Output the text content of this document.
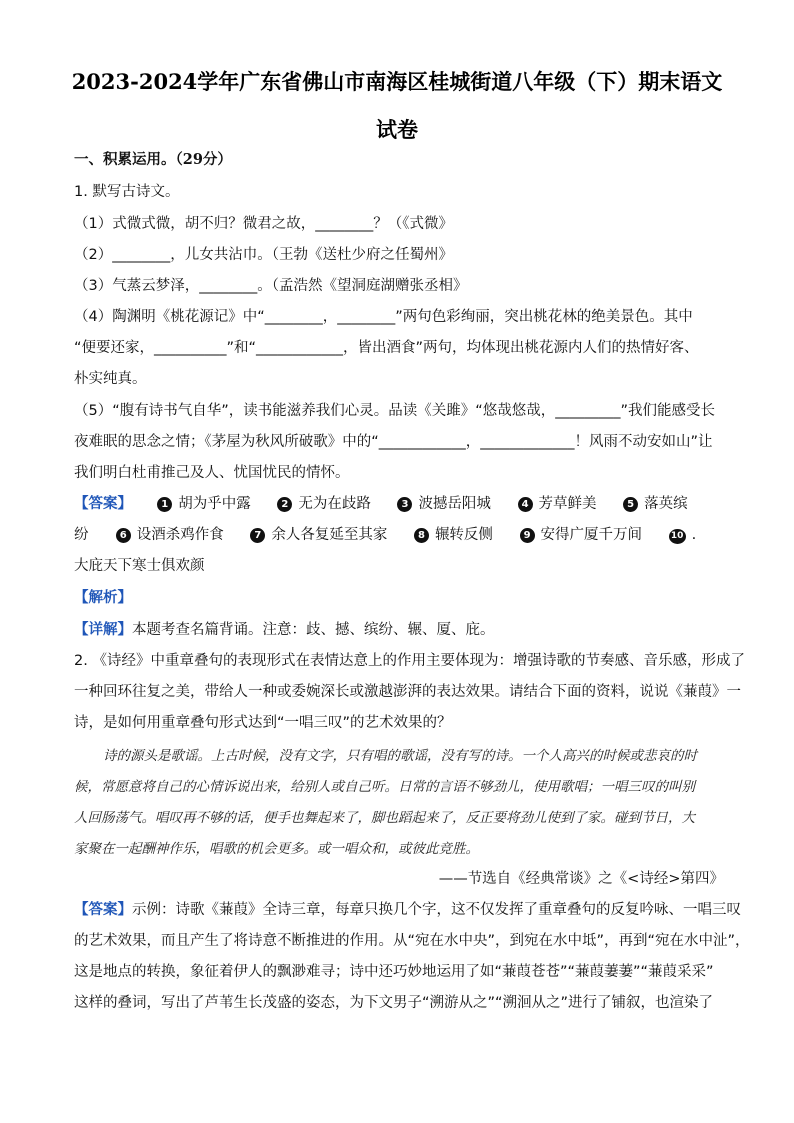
2023-2024学年广东省佛山市南海区桂城街道八年级（下）期末语文
试卷
一、积累运用。（29分）
1. 默写古诗文。
（1）式微式微，胡不归？微君之故，________？（《式微》
（2）________，儿女共沾巾。（王勃《送杜少府之任蜀州》
（3）气蒸云梦泽，________。（孟浩然《望洞庭湖赠张丞相》
（4）陶渊明《桃花源记》中“________，________”两句色彩绚丽，突出桃花林的绝美景色。其中
“便要还家，__________”和“____________，皆出酒食”两句，均体现出桃花源内人们的热情好客、
朴实纯真。
（5）“腹有诗书气自华”，读书能滋养我们心灵。品读《关雎》“悠哉悠哉，_________”我们能感受长
夜难眠的思念之情；《茅屋为秋风所破歌》中的“____________，_____________！风雨不动安如山”让
我们明白杜甫推己及人、忧国忧民的情怀。
【答案】	1 胡为乎中露	2 无为在歧路	3 波撼岳阳城	4 芳草鲜美	5 落英缤
纷	6 设酒杀鸡作食	7 余人各复延至其家	8 辗转反侧	9 安得广厦千万间	10 .
大庇天下寒士俱欢颜
【解析】
【详解】本题考查名篇背诵。注意：歧、撼、缤纷、辗、厦、庇。
2. 《诗经》中重章叠句的表现形式在表情达意上的作用主要体现为：增强诗歌的节奏感、音乐感，形成了
一种回环往复之美，带给人一种或委婉深长或激越澎湃的表达效果。请结合下面的资料，说说《蒹葭》一
诗，是如何用重章叠句形式达到“一唱三叹”的艺术效果的？
诗的源头是歌谣。上古时候，没有文字，只有唱的歌谣，没有写的诗。一个人高兴的时候或悲哀的时
候，常愿意将自己的心情诉说出来，给别人或自己听。日常的言语不够劲儿，使用歌唱；一唱三叹的叫别
人回肠荡气。唱叹再不够的话，便手也舞起来了，脚也蹈起来了，反正要将劲儿使到了家。碰到节日，大
家聚在一起酬神作乐，唱歌的机会更多。或一唱众和，或彼此竞胜。
——节选自《经典常谈》之《<诗经>第四》
【答案】示例：诗歌《蒹葭》全诗三章，每章只换几个字，这不仅发挥了重章叠句的反复吟咏、一唱三叹
的艺术效果，而且产生了将诗意不断推进的作用。从“宛在水中央”，到宛在水中坻”，再到“宛在水中沚”，
这是地点的转换，象征着伊人的飘渺难寻；诗中还巧妙地运用了如“蒹葭苍苍”“蒹葭萋萋”“蒹葭采采”
这样的叠词，写出了芦苇生长茂盛的姿态，为下文男子“溯游从之”“溯洄从之”进行了铺叙，也渲染了
